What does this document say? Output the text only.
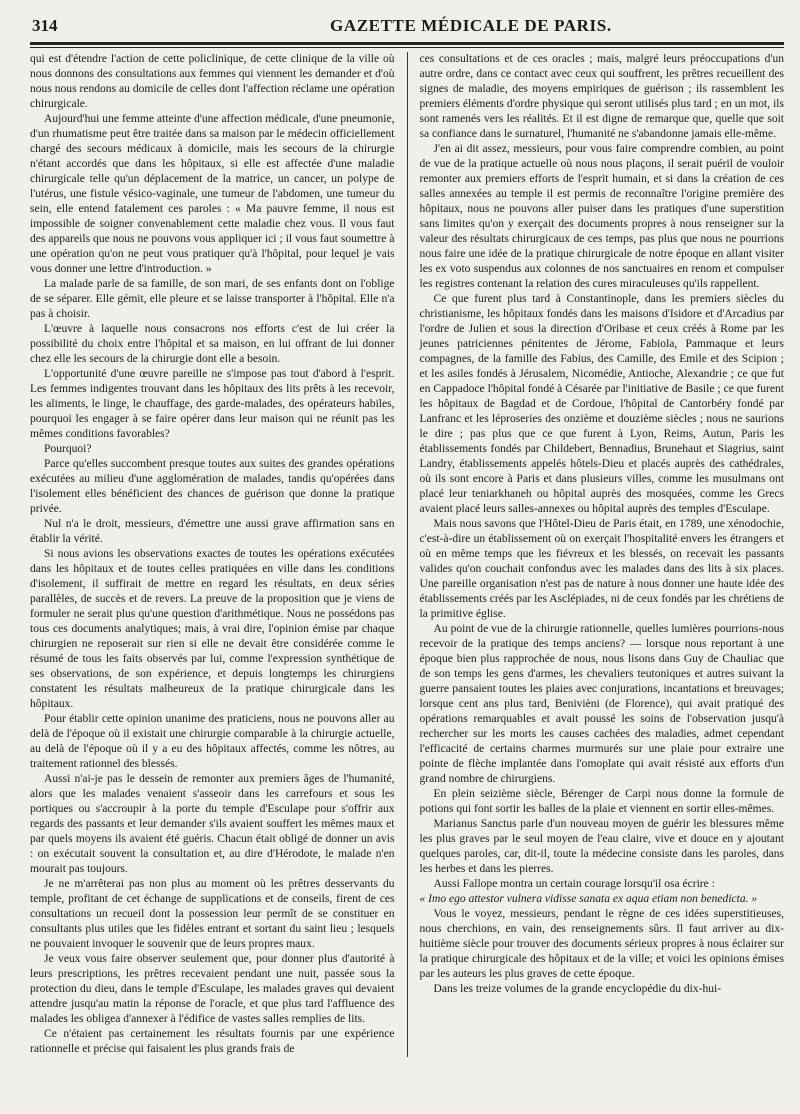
314	GAZETTE MÉDICALE DE PARIS.

qui est d'étendre l'action de cette policlinique, de cette clinique de la ville où nous donnons des consultations aux femmes qui viennent les demander et d'où nous nous rendons au domicile de celles dont l'affection réclame une opération chirurgicale.

Aujourd'hui une femme atteinte d'une affection médicale, d'une pneumonie, d'un rhumatisme peut être traitée dans sa maison par le médecin officiellement chargé des secours médicaux à domicile, mais les secours de la chirurgie n'étant accordés que dans les hôpitaux, si elle est affectée d'une maladie chirurgicale telle qu'un déplacement de la matrice, un cancer, un polype de l'utérus, une fistule vésico-vaginale, une tumeur de l'abdomen, une tumeur du sein, elle entend fatalement ces paroles : « Ma pauvre femme, il nous est impossible de soigner convenablement cette maladie chez vous. Il vous faut des appareils que nous ne pouvons vous appliquer ici ; il vous faut soumettre à une opération qu'on ne peut vous pratiquer qu'à l'hôpital, pour lequel je vais vous donner une lettre d'introduction. »

La malade parle de sa famille, de son mari, de ses enfants dont on l'oblige de se séparer. Elle gémit, elle pleure et se laisse transporter à l'hôpital. Elle n'a pas à choisir.

L'œuvre à laquelle nous consacrons nos efforts c'est de lui créer la possibilité du choix entre l'hôpital et sa maison, en lui offrant de lui donner chez elle les secours de la chirurgie dont elle a besoin.

L'opportunité d'une œuvre pareille ne s'impose pas tout d'abord à l'esprit. Les femmes indigentes trouvant dans les hôpitaux des lits prêts à les recevoir, les aliments, le linge, le chauffage, des garde-malades, des opérateurs habiles, pourquoi les engager à se faire opérer dans leur maison qui ne réunit pas les mêmes conditions favorables?

Pourquoi?

Parce qu'elles succombent presque toutes aux suites des grandes opérations exécutées au milieu d'une agglomération de malades, tandis qu'opérées dans l'isolement elles bénéficient des chances de guérison que donne la pratique privée.

Nul n'a le droit, messieurs, d'émettre une aussi grave affirmation sans en établir la vérité.

Si nous avions les observations exactes de toutes les opérations exécutées dans les hôpitaux et de toutes celles pratiquées en ville dans les conditions d'isolement, il suffirait de mettre en regard les résultats, en deux séries parallèles, de succès et de revers. La preuve de la proposition que je viens de formuler ne serait plus qu'une question d'arithmétique. Nous ne possédons pas tous ces documents analytiques; mais, à vrai dire, l'opinion émise par chaque chirurgien ne reposerait sur rien si elle ne devait être considérée comme le résumé de tous les faits observés par lui, comme l'expression synthétique de ses observations, de son expérience, et depuis longtemps les chirurgiens constatent les résultats malheureux de la pratique chirurgicale dans les hôpitaux.

Pour établir cette opinion unanime des praticiens, nous ne pouvons aller au delà de l'époque où il existait une chirurgie comparable à la chirurgie actuelle, au delà de l'époque où il y a eu des hôpitaux affectés, comme les nôtres, au traitement rationnel des blessés.

Aussi n'ai-je pas le dessein de remonter aux premiers âges de l'humanité, alors que les malades venaient s'asseoir dans les carrefours et sous les portiques ou s'accroupir à la porte du temple d'Esculape pour s'offrir aux regards des passants et leur demander s'ils avaient souffert les mêmes maux et par quels moyens ils avaient été guéris. Chacun était obligé de donner un avis : on exécutait souvent la consultation et, au dire d'Hérodote, le malade n'en mourait pas toujours.

Je ne m'arrêterai pas non plus au moment où les prêtres desservants du temple, profitant de cet échange de supplications et de conseils, firent de ces consultations un recueil dont la possession leur permît de se constituer en consultants plus utiles que les fidèles entrant et sortant du saint lieu ; lesquels ne pouvaient invoquer le souvenir que de leurs propres maux.

Je veux vous faire observer seulement que, pour donner plus d'autorité à leurs prescriptions, les prêtres recevaient pendant une nuit, passée sous la protection du dieu, dans le temple d'Esculape, les malades graves qui devaient attendre jusqu'au matin la réponse de l'oracle, et que plus tard l'affluence des malades les obligea d'annexer à l'édifice de vastes salles remplies de lits.

Ce n'étaient pas certainement les résultats fournis par une expérience rationnelle et précise qui faisaient les plus grands frais de

ces consultations et de ces oracles ; mais, malgré leurs préoccupations d'un autre ordre, dans ce contact avec ceux qui souffrent, les prêtres recueillent des signes de maladie, des moyens empiriques de guérison ; ils rassemblent les premiers éléments d'ordre physique qui seront utilisés plus tard ; en un mot, ils sont ramenés vers les réalités. Et il est digne de remarque que, quelle que soit sa confiance dans le surnaturel, l'humanité ne s'abandonne jamais elle-même.

J'en ai dit assez, messieurs, pour vous faire comprendre combien, au point de vue de la pratique actuelle où nous nous plaçons, il serait puéril de vouloir remonter aux premiers efforts de l'esprit humain, et si dans la création de ces salles annexées au temple il est permis de reconnaître l'origine première des hôpitaux, nous ne pouvons aller puiser dans les pratiques d'une superstition sans limites qu'on y exerçait des documents propres à nous renseigner sur la valeur des résultats chirurgicaux de ces temps, pas plus que nous ne pourrions nous faire une idée de la pratique chirurgicale de notre époque en allant visiter les ex voto suspendus aux colonnes de nos sanctuaires en renom et compulser les registres contenant la relation des cures miraculeuses qu'ils rappellent.

Ce que furent plus tard à Constantinople, dans les premiers siècles du christianisme, les hôpitaux fondés dans les maisons d'Isidore et d'Arcadius par l'ordre de Julien et sous la direction d'Oribase et ceux créés à Rome par les jeunes patriciennes pénitentes de Jérome, Fabiola, Pammaque et leurs compagnes, de la famille des Fabius, des Camille, des Emile et des Scipion ; et les asiles fondés à Jérusalem, Nicomédie, Antioche, Alexandrie ; ce que fut en Cappadoce l'hôpital fondé à Césarée par l'initiative de Basile ; ce que furent les hôpitaux de Bagdad et de Cordoue, l'hôpital de Cantorbéry fondé par Lanfranc et les léproseries des onzième et douzième siècles ; nous ne saurions le dire ; pas plus que ce que furent à Lyon, Reims, Autun, Paris les établissements fondés par Childebert, Bennadius, Brunehaut et Siagrius, saint Landry, établissements appelés hôtels-Dieu et placés auprès des cathédrales, où ils sont encore à Paris et dans plusieurs villes, comme les musulmans ont placé leur teniarkhaneh ou hôpital auprès des mosquées, comme les Grecs avaient placé leurs salles-annexes ou hôpital auprès des temples d'Esculape.

Mais nous savons que l'Hôtel-Dieu de Paris était, en 1789, une xénodochie, c'est-à-dire un établissement où on exerçait l'hospitalité envers les étrangers et où en même temps que les fiévreux et les blessés, on recevait les passants valides qu'on couchait confondus avec les malades dans des lits à six places. Une pareille organisation n'est pas de nature à nous donner une haute idée des établissements créés par les Asclépiades, ni de ceux fondés par les chrétiens de la primitive église.

Au point de vue de la chirurgie rationnelle, quelles lumières pourrions-nous recevoir de la pratique des temps anciens? — lorsque nous reportant à une époque bien plus rapprochée de nous, nous lisons dans Guy de Chauliac que de son temps les gens d'armes, les chevaliers teutoniques et autres suivant la guerre pansaient toutes les plaies avec conjurations, incantations et breuvages; lorsque cent ans plus tard, Benivièni (de Florence), qui avait pratiqué des opérations remarquables et avait poussé les soins de l'observation jusqu'à rechercher sur les morts les causes cachées des maladies, admet cependant l'efficacité de certains charmes murmurés sur une plaie pour extraire une pointe de flèche implantée dans l'omoplate qui avait résisté aux efforts d'un grand nombre de chirurgiens.

En plein seizième siècle, Bérenger de Carpi nous donne la formule de potions qui font sortir les balles de la plaie et viennent en sortir elles-mêmes.

Marianus Sanctus parle d'un nouveau moyen de guérir les blessures même les plus graves par le seul moyen de l'eau claire, vive et douce en y ajoutant quelques paroles, car, dit-il, toute la médecine consiste dans les paroles, dans les herbes et dans les pierres.

Aussi Fallope montra un certain courage lorsqu'il osa écrire :

« Imo ego attestor vulnera vidisse sanata ex aqua etiam non benedicta. »

Vous le voyez, messieurs, pendant le règne de ces idées superstitieuses, nous cherchions, en vain, des renseignements sûrs. Il faut arriver au dix-huitième siècle pour trouver des documents sérieux propres à nous éclairer sur la pratique chirurgicale des hôpitaux et de la ville; et voici les opinions émises par les auteurs les plus graves de cette époque.

Dans les treize volumes de la grande encyclopédie du dix-hui-
